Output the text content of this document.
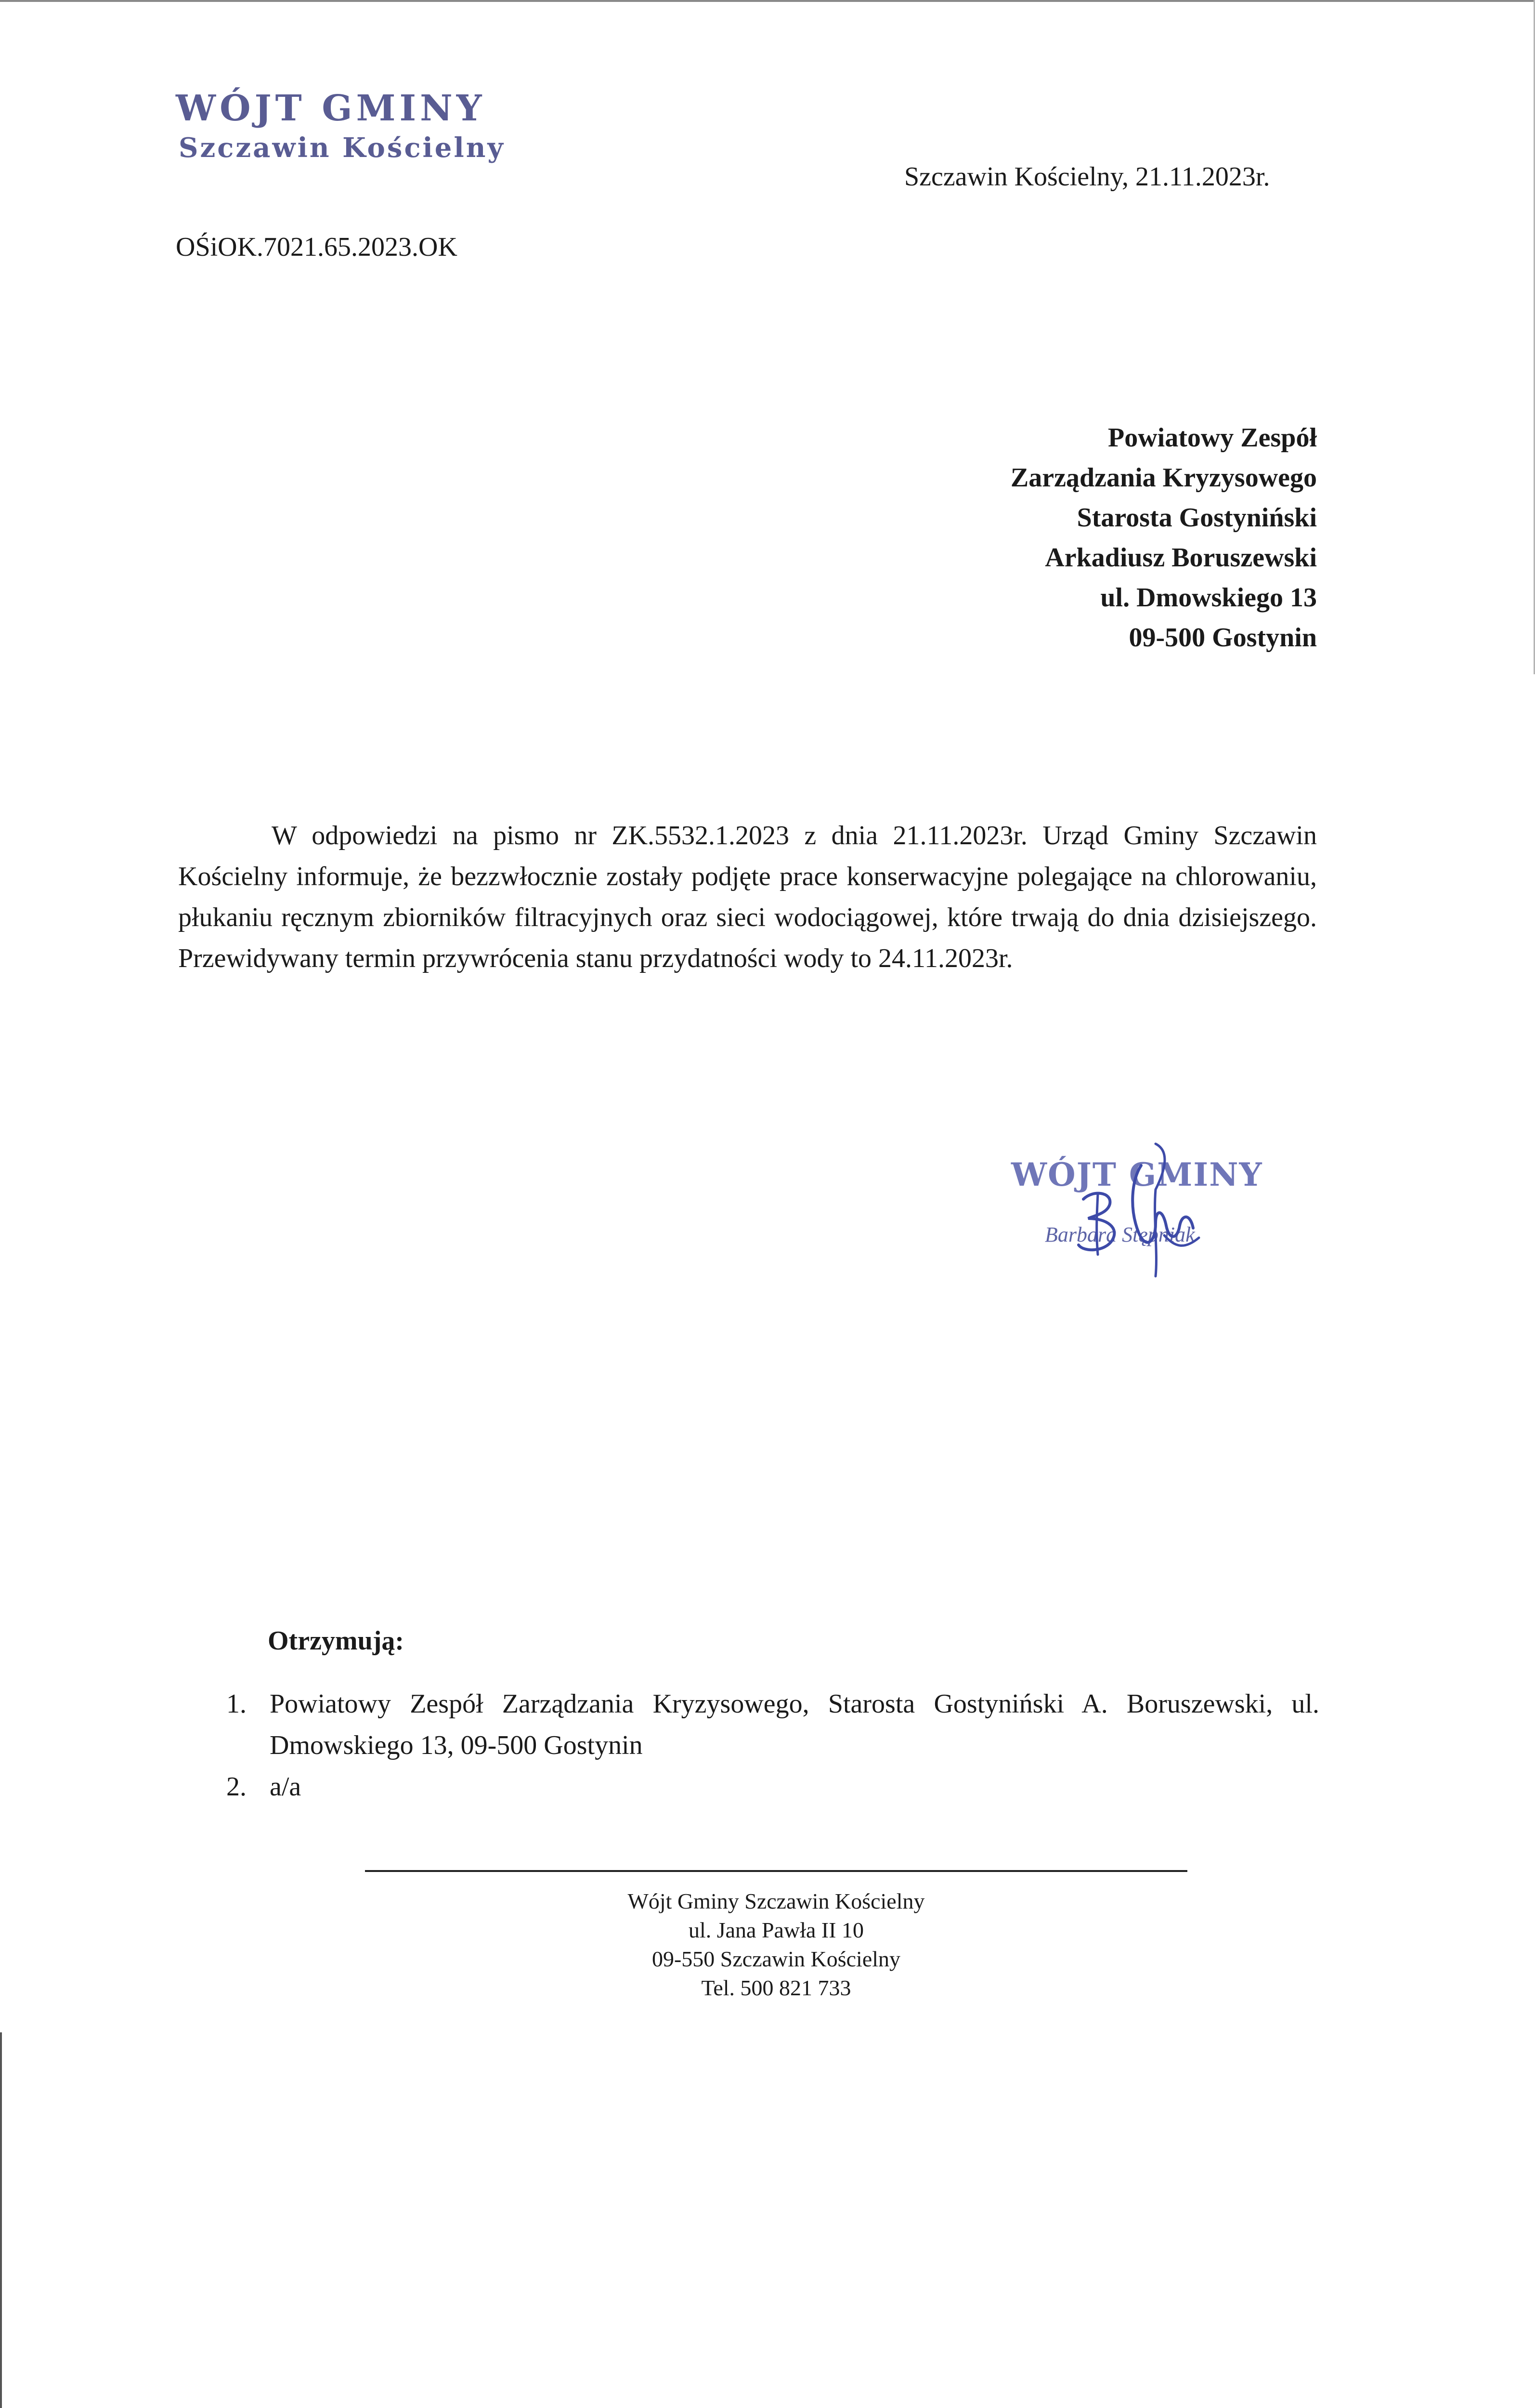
WÓJT GMINY
Szczawin Kościelny
Szczawin Kościelny, 21.11.2023r.
OŚiOK.7021.65.2023.OK
Powiatowy Zespół
Zarządzania Kryzysowego
Starosta Gostyniński
Arkadiusz Boruszewski
ul. Dmowskiego 13
09-500 Gostynin

W odpowiedzi na pismo nr ZK.5532.1.2023 z dnia 21.11.2023r. Urząd Gminy Szczawin Kościelny informuje, że bezzwłocznie zostały podjęte prace konserwacyjne polegające na chlorowaniu, płukaniu ręcznym zbiorników filtracyjnych oraz sieci wodociągowej, które trwają do dnia dzisiejszego. Przewidywany termin przywrócenia stanu przydatności wody to 24.11.2023r.

WÓJT GMINY
Barbara Stępniak
Otrzymują:
1. Powiatowy Zespół Zarządzania Kryzysowego, Starosta Gostyniński A. Boruszewski, ul. Dmowskiego 13, 09-500 Gostynin
2. a/a
Wójt Gminy Szczawin Kościelny
ul. Jana Pawła II 10
09-550 Szczawin Kościelny
Tel. 500 821 733
